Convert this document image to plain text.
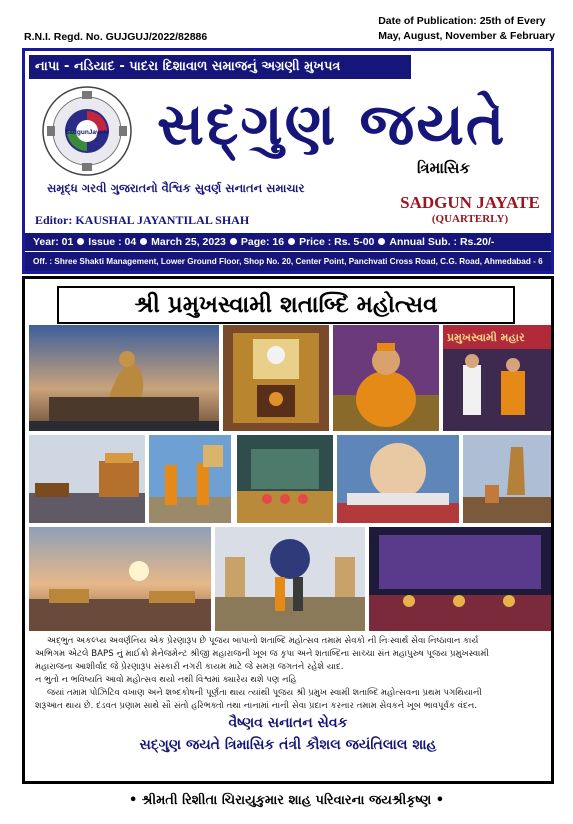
R.N.I. Regd. No. GUJGUJ/2022/82886
Date of Publication: 25th of Every
May, August, November & February
નાપા - નડિયાદ - પાદરા દિશાવાળ સમાજનું અગ્રણી મુખપત્ર
SadgunJayate સદ્ગુણ જયતે
ત્રિમાસિક
સમૃદ્ધ ગરવી ગુજરાતનો વૈશ્વિક સુવર્ણ સનાતન સમાચાર
SADGUN JAYATE
(QUARTERLY)
Editor: KAUSHAL JAYANTILAL SHAH
Year: 01 Issue : 04 March 25, 2023 Page: 16 Price : Rs. 5-00 Annual Sub. : Rs.20/-
Off. : Shree Shakti Management, Lower Ground Floor, Shop No. 20, Center Point, Panchvati Cross Road, C.G. Road, Ahmedabad - 6
શ્રી પ્રમુખસ્વામી શતાબ્દિ મહોત્સવ
પ્રમુખસ્વામી મહાર

અદ્ભુત અકલ્પ્ય અવર્ણનિય એક પ્રેરણારૂપ છે પૂજય બાપાનો શતાબ્દિ મહોત્સવ તમામ સેવકો ની નિઃસ્વાર્થ સેવા નિષ્ઠાવાન કાર્ય

અભિગમ એટલે BAPS નું માઈક્રો મેનેજમેન્ટ શ્રીજી મહારાજની ખૂબ જ કૃપા અને શતાબ્દિના સાચ્ચા સંત મહાપુરુષ પૂજય પ્રમુખસ્વામી

મહારાજના આશીર્વાદ જે પ્રેરણારૂપ સંસ્કારી નગરી કાયમ માટે જે સમગ્ર જગતને રહેશે યાદ.

ન ભુતો ન ભવિષ્યતિ આવો મહોત્સવ થયો નથી વિશ્વમાં ક્યારેય થશે પણ નહિ

જયાં તમામ પોઝિટિવ વખાણ અને શબ્દકોષની પૂર્ણતા થાય ત્યાંથી પૂજય શ્રી પ્રમુખ સ્વામી શતાબ્દિ મહોત્સવના પ્રથમ પગથિયાની

શરૂઆત થાય છે. દંડવત પ્રણામ સાથે સૌ સંતો હરિભક્તો તથા નાનામાં નાની સેવા પ્રદાન કરનાર તમામ સેવકને ખૂબ ભાવપૂર્વક વંદન.

વૈષ્ણવ સનાતન સેવક
સદ્ગુણ જયતે ત્રિમાસિક તંત્રી કૌશલ જયંતિલાલ શાહ
• શ્રીમતી રિશીતા ચિરાયુકુમાર શાહ પરિવારના જયશ્રીકૃષ્ણ •
